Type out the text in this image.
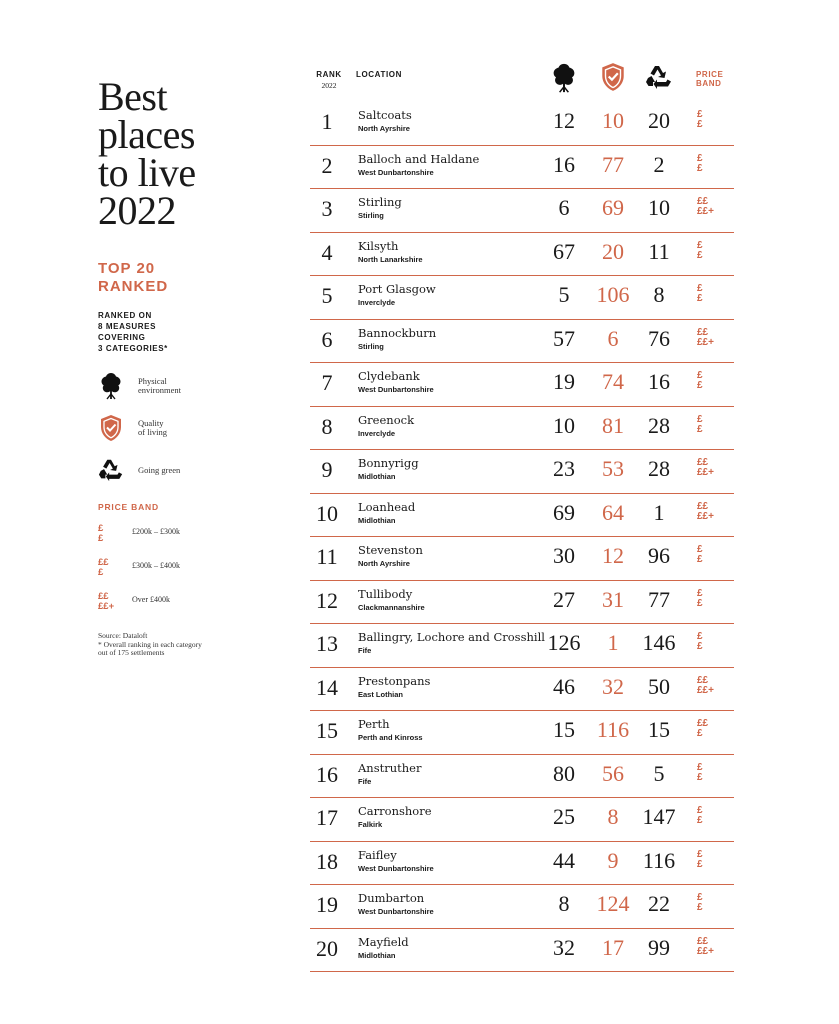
Best
places
to live
2022
TOP 20
RANKED
RANKED ON
8 MEASURES
COVERING
3 CATEGORIES*
Physical
environment
Quality
of living
Going green
PRICE BAND
£
£
£200k – £300k
££
£
£300k – £400k
££
££+
Over £400k
Source: Dataloft
* Overall ranking in each category
out of 175 settlements
RANK
2022
LOCATION	PRICE
BAND
1	Saltcoats
North Ayrshire	12	10	20	£
£
2	Balloch and Haldane
West Dunbartonshire	16	77	2	£
£
3	Stirling
Stirling	6	69	10	££
££+
4	Kilsyth
North Lanarkshire	67	20	11	£
£
5	Port Glasgow
Inverclyde	5	106	8	£
£
6	Bannockburn
Stirling	57	6	76	££
££+
7	Clydebank
West Dunbartonshire	19	74	16	£
£
8	Greenock
Inverclyde	10	81	28	£
£
9	Bonnyrigg
Midlothian	23	53	28	££
££+
10	Loanhead
Midlothian	69	64	1	££
££+
11	Stevenston
North Ayrshire	30	12	96	£
£
12	Tullibody
Clackmannanshire	27	31	77	£
£
13	Ballingry, Lochore and Crosshill
Fife	126	1	146	£
£
14	Prestonpans
East Lothian	46	32	50	££
££+
15	Perth
Perth and Kinross	15 116 15	££
£
16	Anstruther
Fife	80	56	5	£
£
17	Carronshore
Falkirk	25	8	147	£
£
18	Faifley
West Dunbartonshire	44	9	116	£
£
19	Dumbarton
West Dunbartonshire	8	124 22	£
£
20	Mayfield
Midlothian	32	17	99	££
££+
